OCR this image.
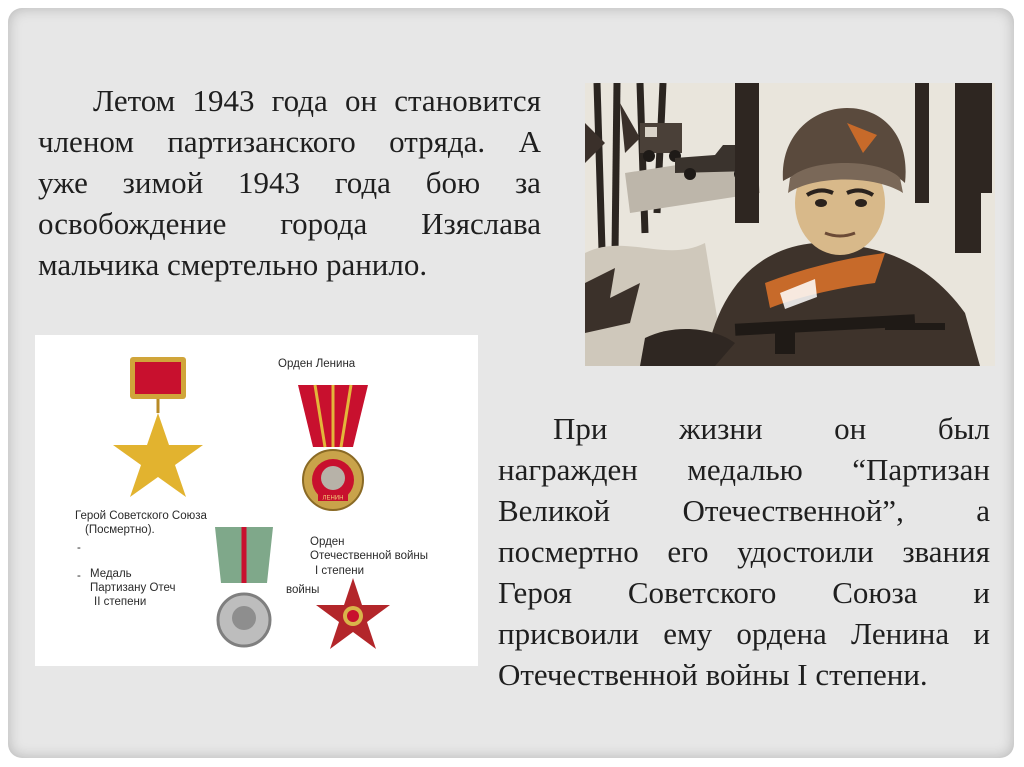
Летом 1943 года он становится
членом партизанского отряда. А
уже зимой 1943 года бою за
освобождение города Изяслава
мальчика смертельно ранило.
ЛЕНИН
Орден Ленина
Герой Советского Союза
(Посмертно).
-
- Медаль
Партизану Отеч
II степени
Орден
Отечественной войны
I степени
войны
При жизни он был
награжден медалью “Партизан
Великой Отечественной”, а
посмертно его удостоили звания
Героя Советского Союза и
присвоили ему ордена Ленина и
Отечественной войны I степени.
